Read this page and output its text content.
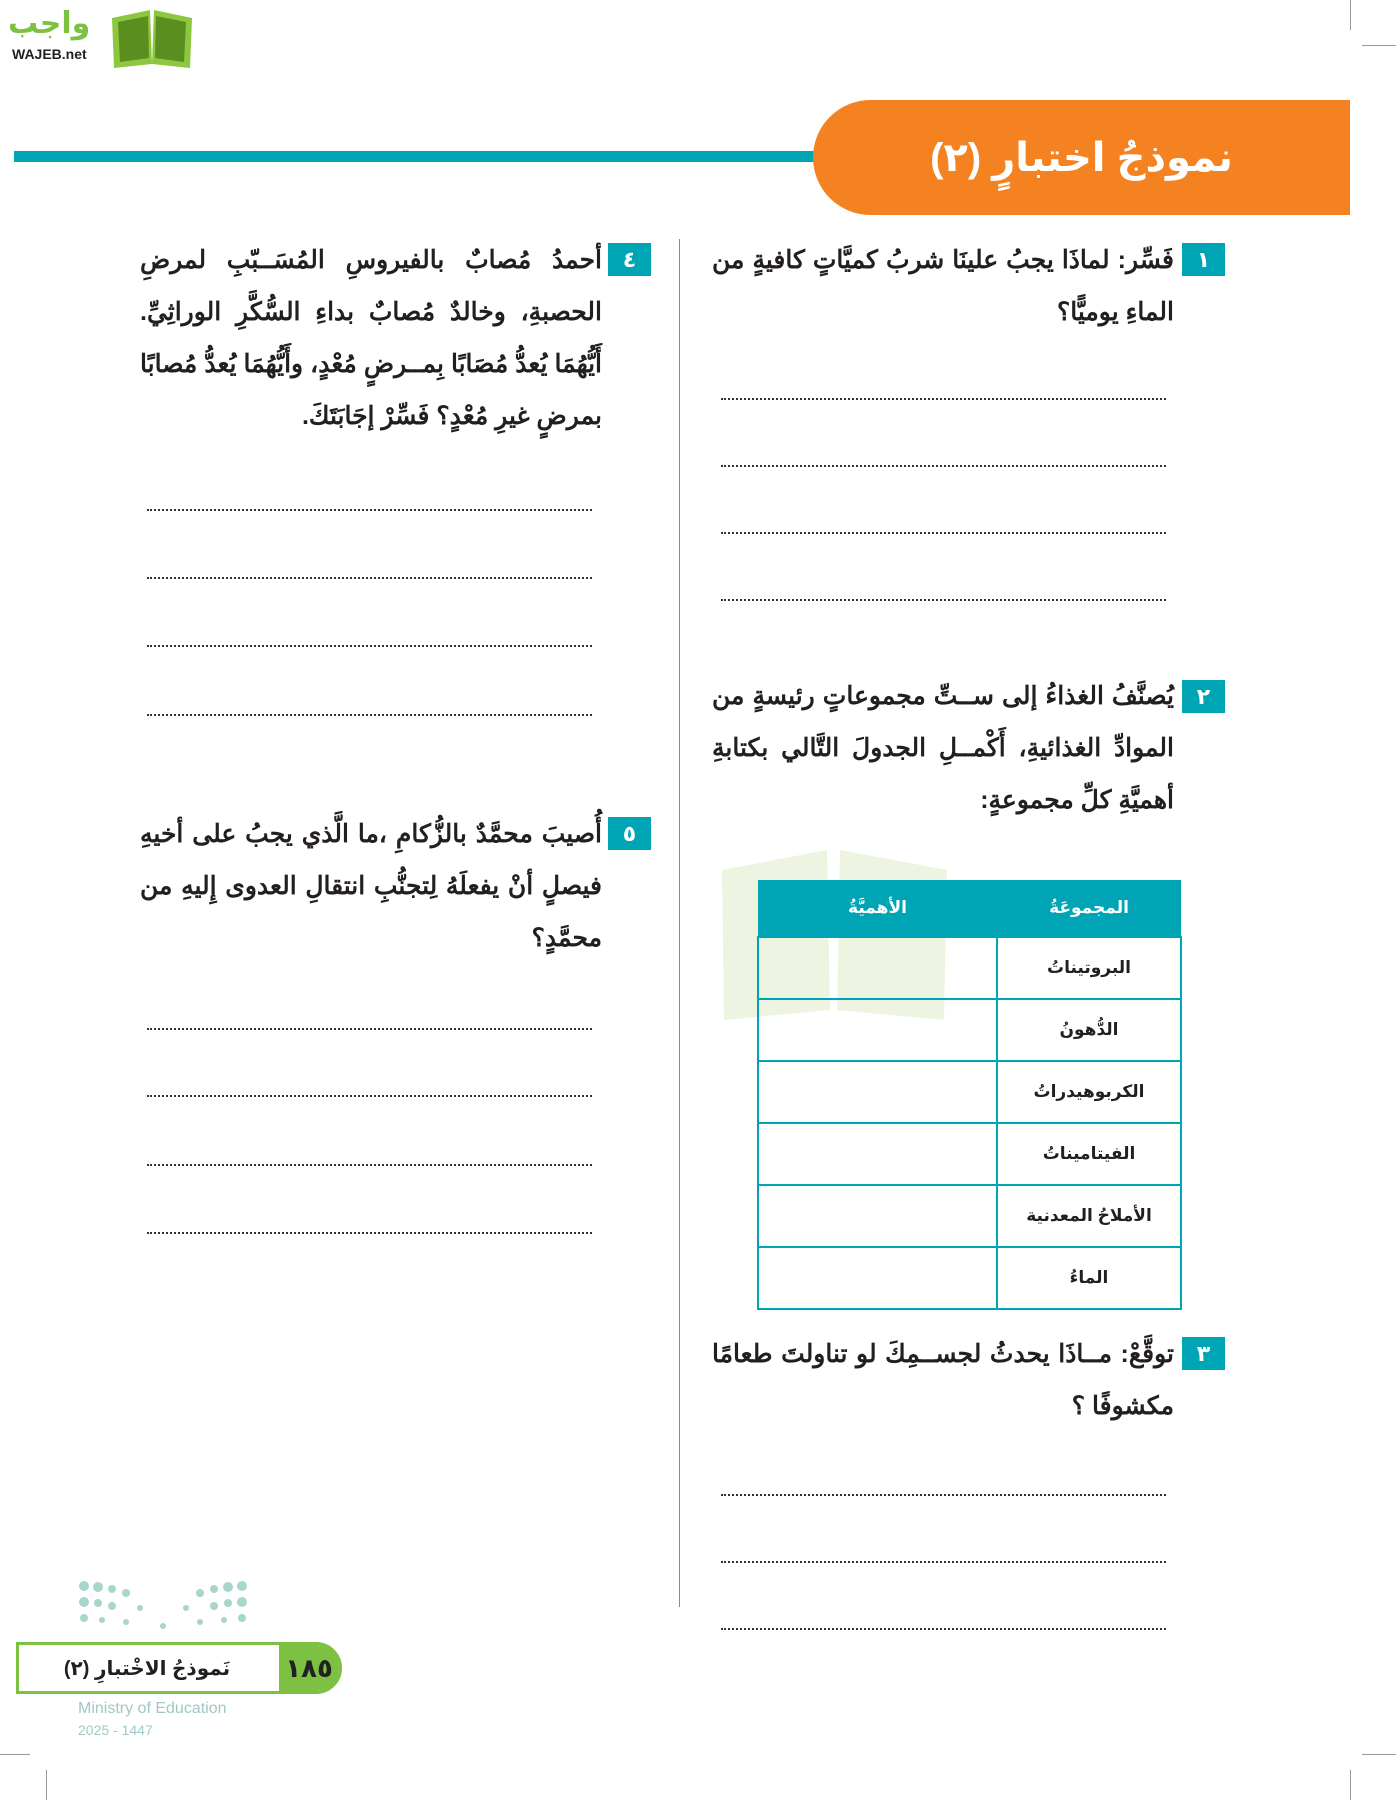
واجب
WAJEB.net
نموذجُ اختبارٍ (٢)
١
فَسِّر: لماذَا يجبُ علينَا شربُ كميَّاتٍ كافيةٍ من الماءِ يوميًّا؟
٢
يُصنَّفُ الغذاءُ إلى ســتِّ مجموعاتٍ رئيسةٍ من الموادِّ الغذائيةِ، أَكْمــلِ الجدولَ التَّالي بكتابةِ أهميَّةِ كلِّ مجموعةٍ:
المجموعَةُ	الأهميَّةُ
البروتيناتُ	
الدُّهونُ	
الكربوهيدراتُ	
الفيتاميناتُ	
الأملاحُ المعدنية	
الماءُ	
٣
توقَّعْ: مــاذَا يحدثُ لجســمِكَ لو تناولتَ طعامًا مكشوفًا ؟
٤
أحمدُ مُصابٌ بالفيروسِ المُسَــبّبِ لمرضِ الحصبةِ، وخالدٌ مُصابٌ بداءِ السُّكَّرِ الوراثِيِّ. أَيُّهُمَا يُعدُّ مُصَابًا بِمــرضٍ مُعْدٍ، وأَيُّهُمَا يُعدُّ مُصابًا بمرضٍ غيرِ مُعْدٍ؟ فَسِّرْ إجَابَتَكَ.
٥
أُصيبَ محمَّدٌ بالزُّكامِ ،ما الَّذي يجبُ على أخيهِ فيصلٍ أنْ يفعلَهُ لِتجنُّبِ انتقالِ العدوى إِليهِ من محمَّدٍ؟
١٨٥
نَموذجُ الاخْتبارِ (٢)
Ministry of Education
2025 - 1447
